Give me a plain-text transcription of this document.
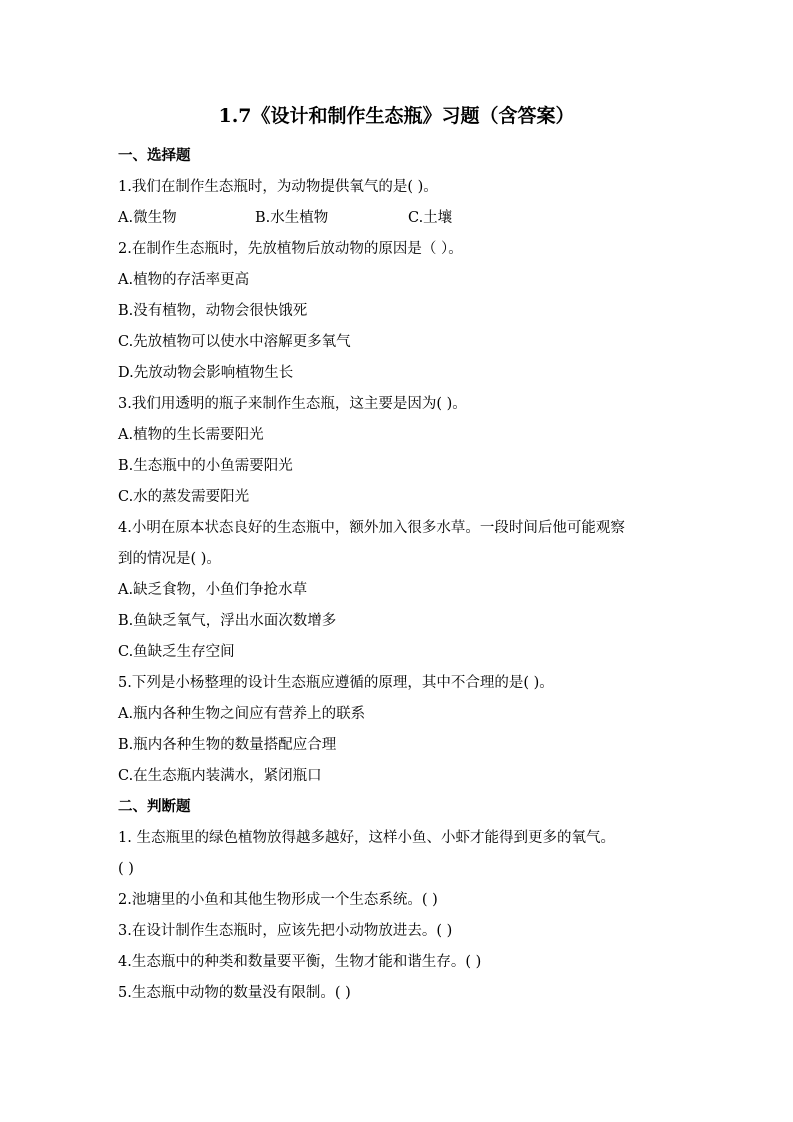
1.7《设计和制作生态瓶》习题（含答案）
一、选择题
1.我们在制作生态瓶时，为动物提供氧气的是( )。
A.微生物	B.水生植物	C.土壤
2.在制作生态瓶时，先放植物后放动物的原因是（ ）。
A.植物的存活率更高
B.没有植物，动物会很快饿死
C.先放植物可以使水中溶解更多氧气
D.先放动物会影响植物生长
3.我们用透明的瓶子来制作生态瓶，这主要是因为( )。
A.植物的生长需要阳光
B.生态瓶中的小鱼需要阳光
C.水的蒸发需要阳光
4.小明在原本状态良好的生态瓶中，额外加入很多水草。一段时间后他可能观察
到的情况是( )。
A.缺乏食物，小鱼们争抢水草
B.鱼缺乏氧气，浮出水面次数增多
C.鱼缺乏生存空间
5.下列是小杨整理的设计生态瓶应遵循的原理，其中不合理的是( )。
A.瓶内各种生物之间应有营养上的联系
B.瓶内各种生物的数量搭配应合理
C.在生态瓶内装满水，紧闭瓶口
二、判断题
1. 生态瓶里的绿色植物放得越多越好，这样小鱼、小虾才能得到更多的氧气。
( )
2.池塘里的小鱼和其他生物形成一个生态系统。( )
3.在设计制作生态瓶时，应该先把小动物放进去。( )
4.生态瓶中的种类和数量要平衡，生物才能和谐生存。( )
5.生态瓶中动物的数量没有限制。( )
